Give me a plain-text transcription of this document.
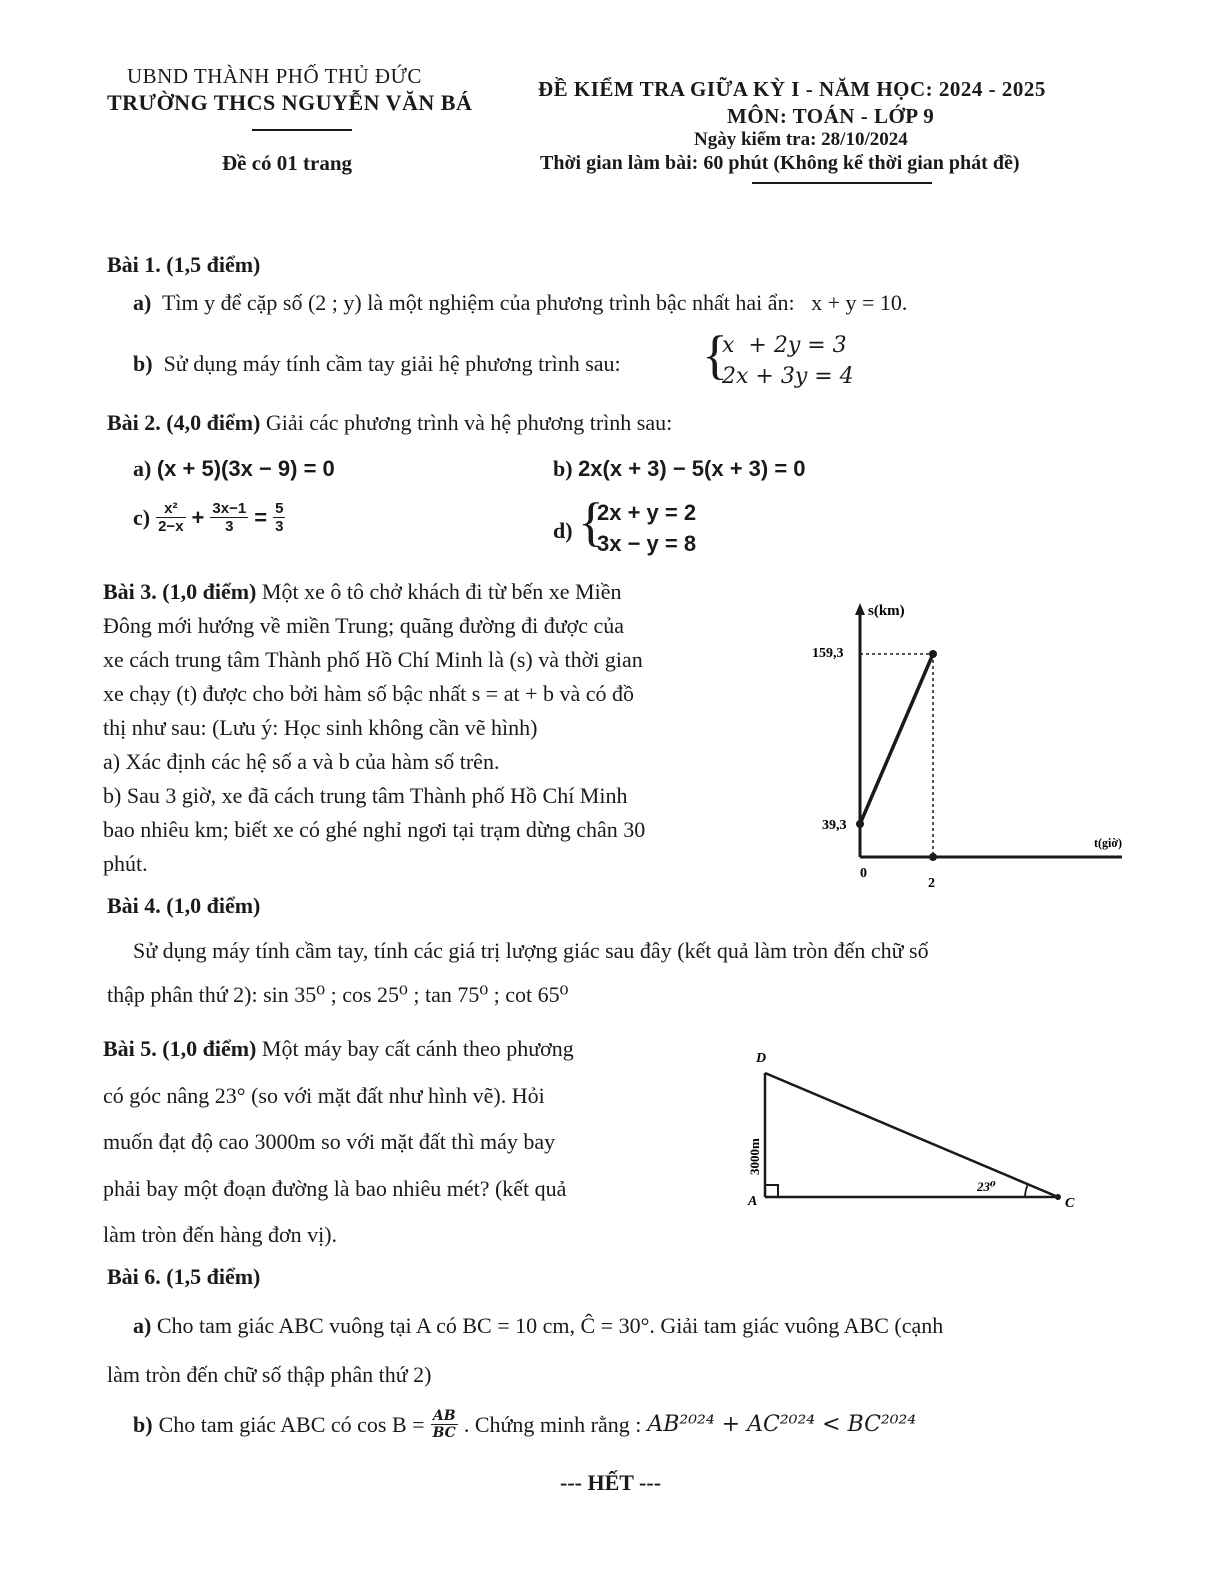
UBND THÀNH PHỐ THỦ ĐỨC
TRƯỜNG THCS NGUYỄN VĂN BÁ
Đề có 01 trang
ĐỀ KIỂM TRA GIỮA KỲ I - NĂM HỌC: 2024 - 2025
MÔN: TOÁN - LỚP 9
Ngày kiểm tra: 28/10/2024
Thời gian làm bài: 60 phút (Không kể thời gian phát đề)
Bài 1. (1,5 điểm)
a) Tìm y để cặp số (2 ; y) là một nghiệm của phương trình bậc nhất hai ẩn: x + y = 10.
b) Sử dụng máy tính cầm tay giải hệ phương trình sau: {
x  + 2y = 3
2x + 3y = 4
Bài 2. (4,0 điểm) Giải các phương trình và hệ phương trình sau:
a) (x + 5)(3x − 9) = 0	b) 2x(x + 3) − 5(x + 3) = 0
$c) \frac{\text{x²}}{2-x} + \frac{3x-1}{3} = \frac{5}{3}$	d) {
2x + y = 2
3x − y = 8
Bài 3. (1,0 điểm) Một xe ô tô chở khách đi từ bến xe Miền
Đông mới hướng về miền Trung; quãng đường đi được của
xe cách trung tâm Thành phố Hồ Chí Minh là (s) và thời gian
xe chạy (t) được cho bởi hàm số bậc nhất s = at + b và có đồ
thị như sau: (Lưu ý: Học sinh không cần vẽ hình)
a) Xác định các hệ số a và b của hàm số trên.
b) Sau 3 giờ, xe đã cách trung tâm Thành phố Hồ Chí Minh
bao nhiêu km; biết xe có ghé nghỉ ngơi tại trạm dừng chân 30
phút.
s(km)
159,3
39,3
0
2
t(giờ)
Bài 4. (1,0 điểm)
Sử dụng máy tính cầm tay, tính các giá trị lượng giác sau đây (kết quả làm tròn đến chữ số
thập phân thứ 2): sin 35⁰ ; cos 25⁰ ; tan 75⁰ ; cot 65⁰
Bài 5. (1,0 điểm) Một máy bay cất cánh theo phương
có góc nâng 23° (so với mặt đất như hình vẽ). Hỏi
muốn đạt độ cao 3000m so với mặt đất thì máy bay
phải bay một đoạn đường là bao nhiêu mét? (kết quả
làm tròn đến hàng đơn vị).
D
A	C
3000m
23⁰
Bài 6. (1,5 điểm)
a) Cho tam giác ABC vuông tại A có BC = 10 cm, Ĉ = 30°. Giải tam giác vuông ABC (cạnh
làm tròn đến chữ số thập phân thứ 2)
b) Cho tam giác ABC có $\cos B = \frac{AB}{BC}$ . Chứng minh rằng : AB²⁰²⁴ + AC²⁰²⁴ < BC²⁰²⁴
--- HẾT ---
